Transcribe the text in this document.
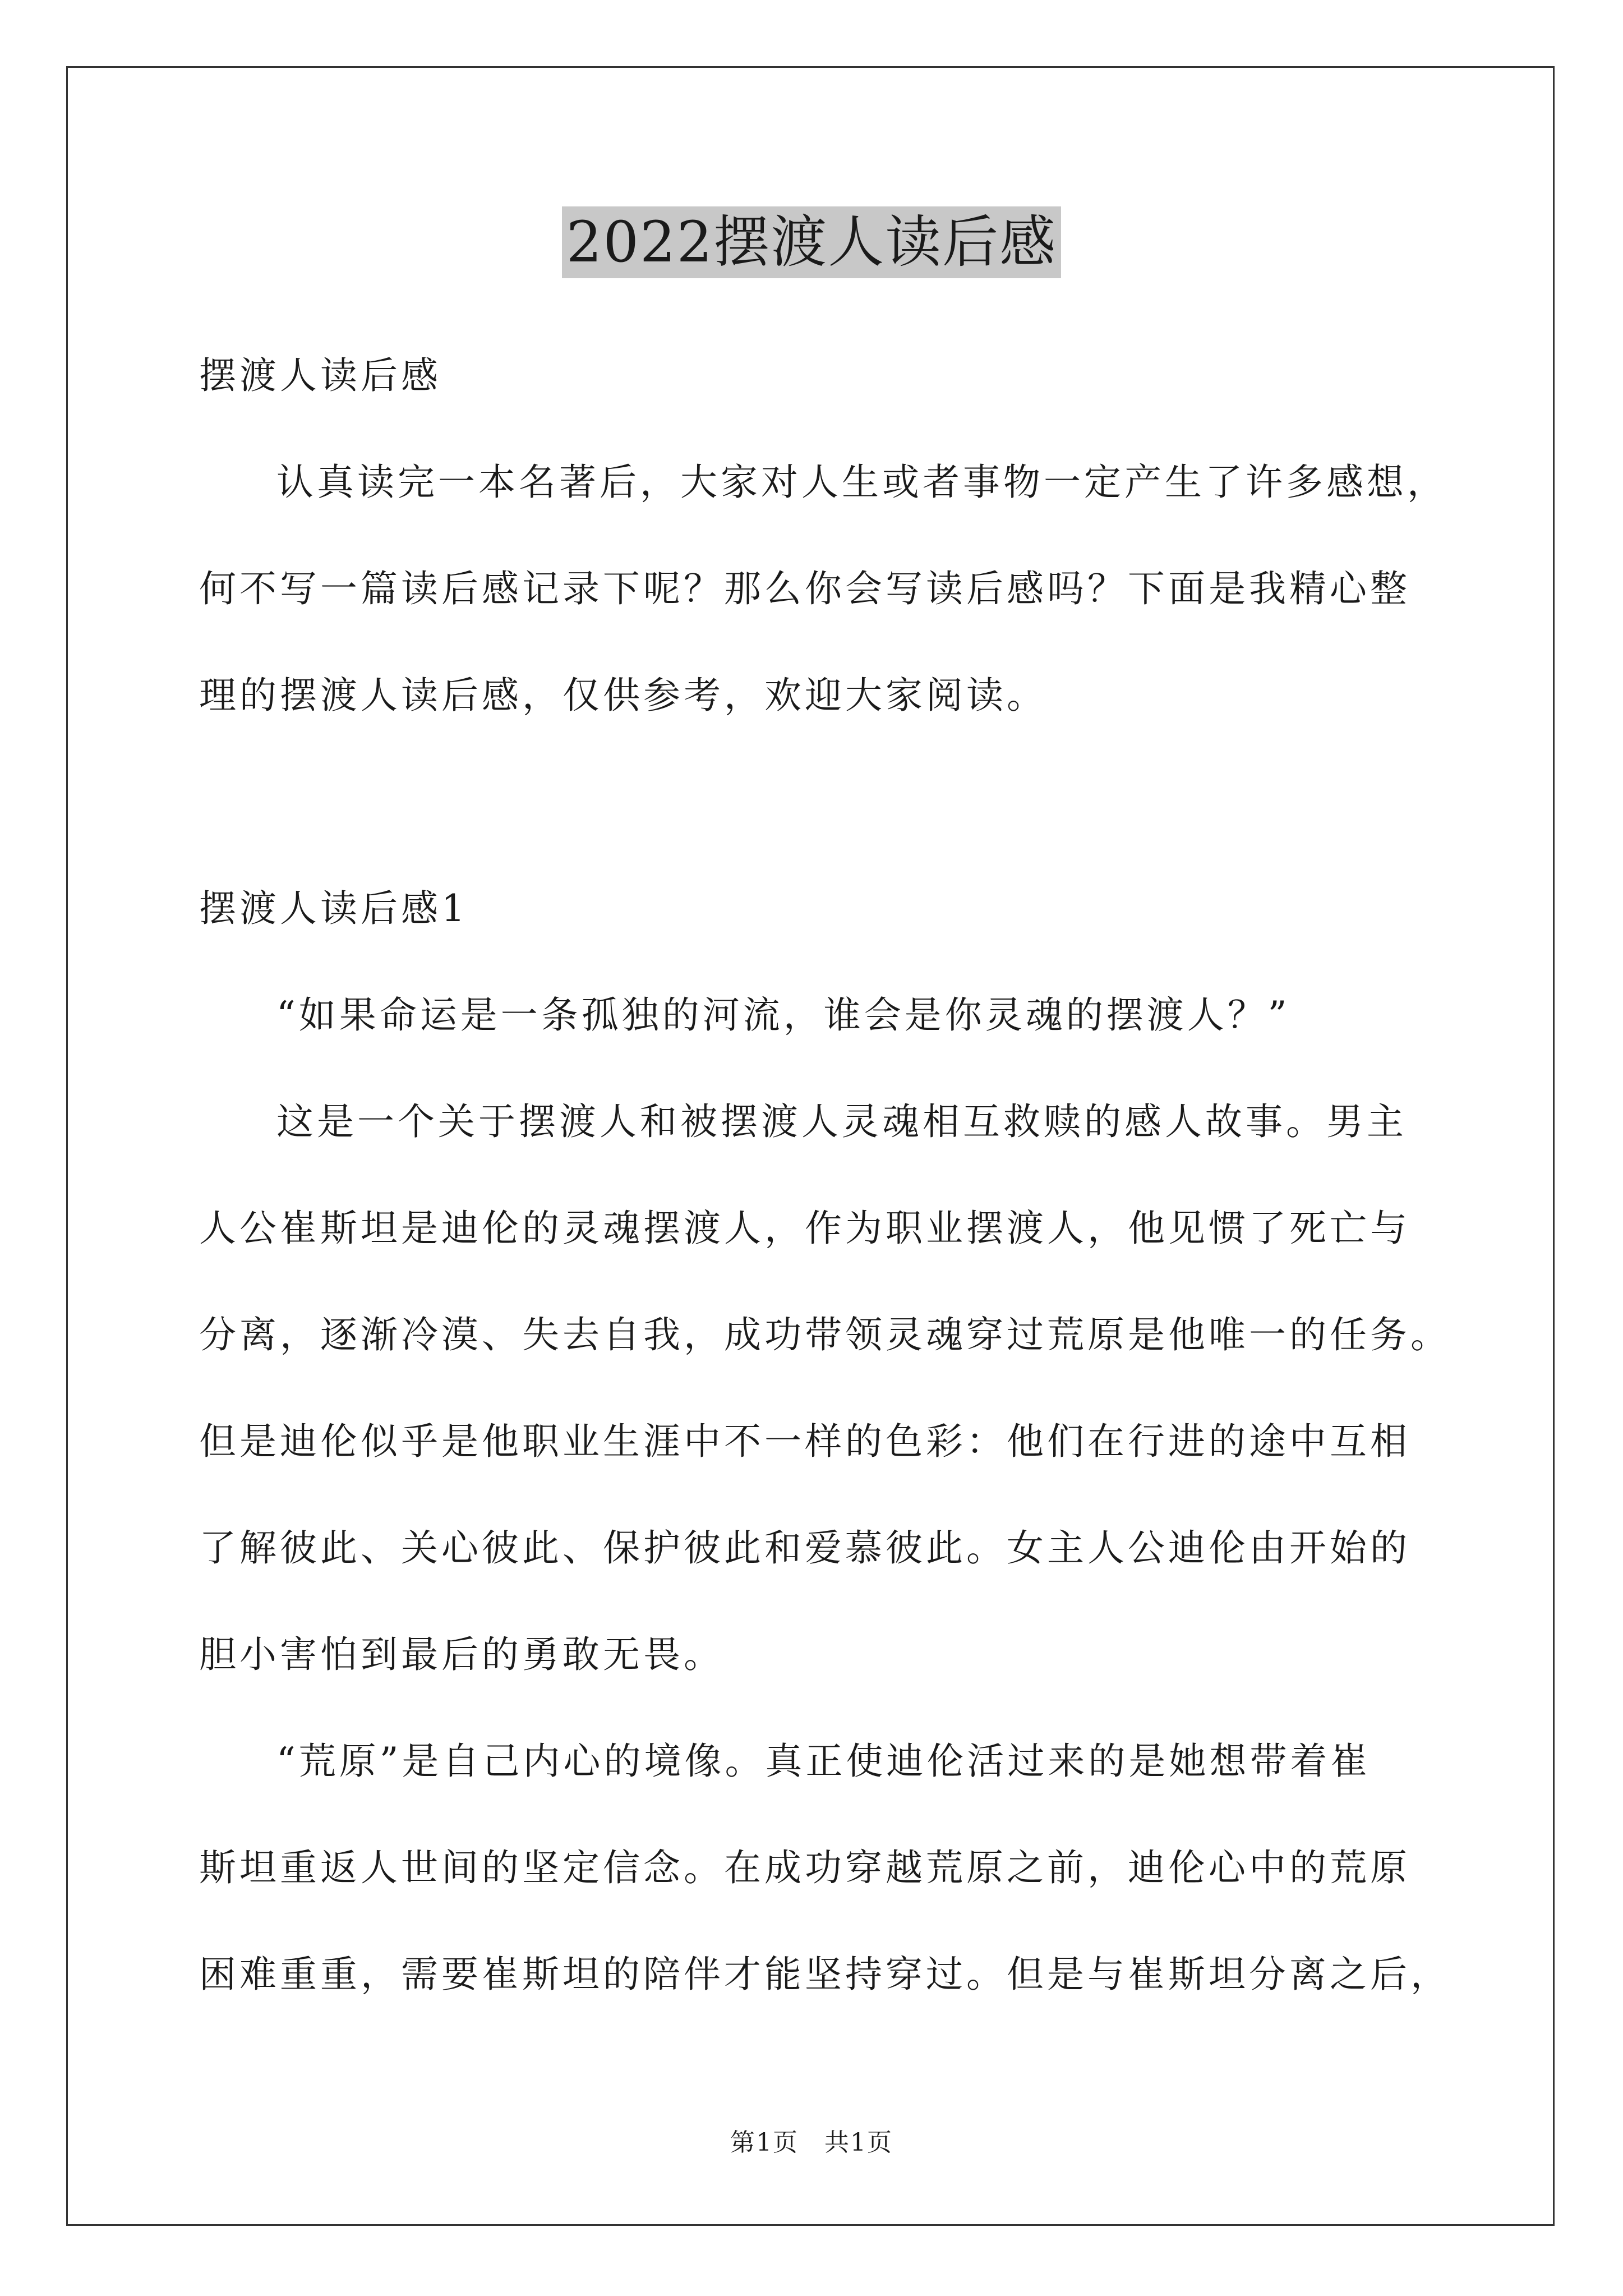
2022摆渡人读后感
摆渡人读后感
认真读完一本名著后，大家对人生或者事物一定产生了许多感想，
何不写一篇读后感记录下呢？那么你会写读后感吗？下面是我精心整
理的摆渡人读后感，仅供参考，欢迎大家阅读。
摆渡人读后感1
“如果命运是一条孤独的河流，谁会是你灵魂的摆渡人？”
这是一个关于摆渡人和被摆渡人灵魂相互救赎的感人故事。男主
人公崔斯坦是迪伦的灵魂摆渡人，作为职业摆渡人，他见惯了死亡与
分离，逐渐冷漠、失去自我，成功带领灵魂穿过荒原是他唯一的任务。
但是迪伦似乎是他职业生涯中不一样的色彩：他们在行进的途中互相
了解彼此、关心彼此、保护彼此和爱慕彼此。女主人公迪伦由开始的
胆小害怕到最后的勇敢无畏。
“荒原”是自己内心的境像。真正使迪伦活过来的是她想带着崔
斯坦重返人世间的坚定信念。在成功穿越荒原之前，迪伦心中的荒原
困难重重，需要崔斯坦的陪伴才能坚持穿过。但是与崔斯坦分离之后，
第1页　共1页
